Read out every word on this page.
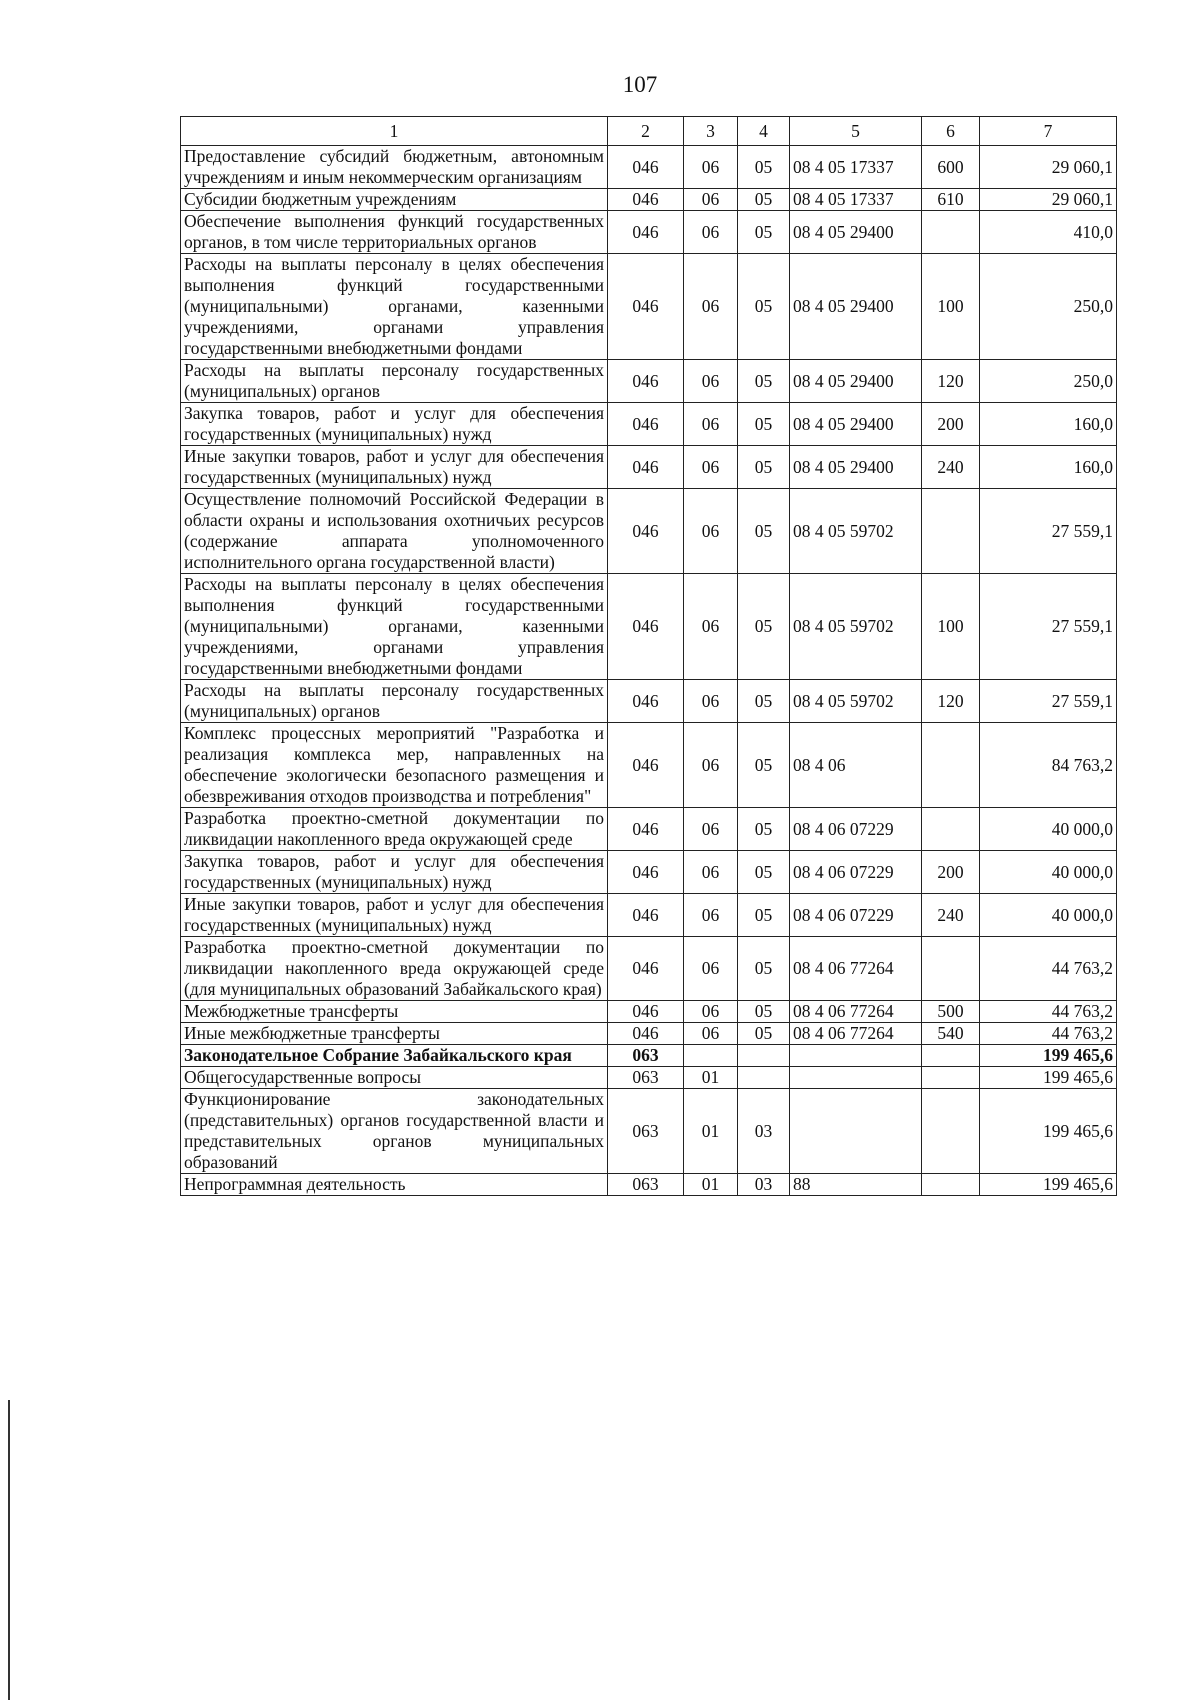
107
1	2	3	4	5	6	7
Предоставление субсидий бюджетным, автономным учреждениям и иным некоммерческим организациям	046	06	05	08 4 05 17337	600	29 060,1
Субсидии бюджетным учреждениям	046	06	05	08 4 05 17337	610	29 060,1
Обеспечение выполнения функций государственных органов, в том числе территориальных органов	046	06	05	08 4 05 29400		410,0
Расходы на выплаты персоналу в целях обеспечения выполнения функций государственными (муниципальными) органами, казенными учреждениями, органами управления государственными внебюджетными фондами	046	06	05	08 4 05 29400	100	250,0
Расходы на выплаты персоналу государственных (муниципальных) органов	046	06	05	08 4 05 29400	120	250,0
Закупка товаров, работ и услуг для обеспечения государственных (муниципальных) нужд	046	06	05	08 4 05 29400	200	160,0
Иные закупки товаров, работ и услуг для обеспечения государственных (муниципальных) нужд	046	06	05	08 4 05 29400	240	160,0
Осуществление полномочий Российской Федерации в области охраны и использования охотничьих ресурсов (содержание аппарата уполномоченного исполнительного органа государственной власти)	046	06	05	08 4 05 59702		27 559,1
Расходы на выплаты персоналу в целях обеспечения выполнения функций государственными (муниципальными) органами, казенными учреждениями, органами управления государственными внебюджетными фондами	046	06	05	08 4 05 59702	100	27 559,1
Расходы на выплаты персоналу государственных (муниципальных) органов	046	06	05	08 4 05 59702	120	27 559,1
Комплекс процессных мероприятий "Разработка и реализация комплекса мер, направленных на обеспечение экологически безопасного размещения и обезвреживания отходов производства и потребления"	046	06	05	08 4 06		84 763,2
Разработка проектно-сметной документации по ликвидации накопленного вреда окружающей среде	046	06	05	08 4 06 07229		40 000,0
Закупка товаров, работ и услуг для обеспечения государственных (муниципальных) нужд	046	06	05	08 4 06 07229	200	40 000,0
Иные закупки товаров, работ и услуг для обеспечения государственных (муниципальных) нужд	046	06	05	08 4 06 07229	240	40 000,0
Разработка проектно-сметной документации по ликвидации накопленного вреда окружающей среде (для муниципальных образований Забайкальского края)	046	06	05	08 4 06 77264		44 763,2
Межбюджетные трансферты	046	06	05	08 4 06 77264	500	44 763,2
Иные межбюджетные трансферты	046	06	05	08 4 06 77264	540	44 763,2
Законодательное Собрание Забайкальского края	063					199 465,6
Общегосударственные вопросы	063	01				199 465,6
Функционирование законодательных (представительных) органов государственной власти и представительных органов муниципальных образований	063	01	03			199 465,6
Непрограммная деятельность	063	01	03	88		199 465,6
